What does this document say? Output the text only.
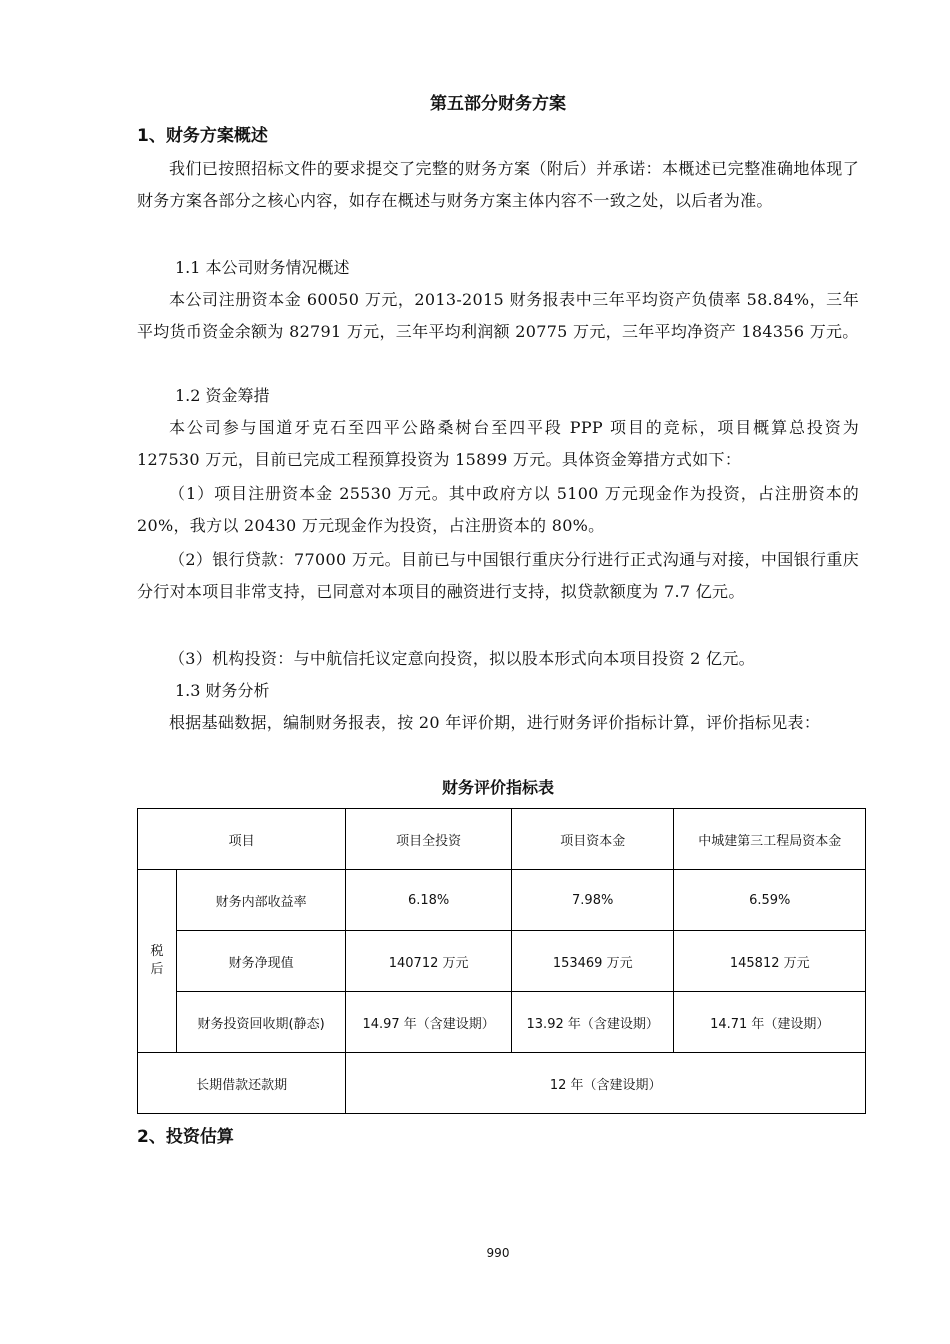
第五部分财务方案
1、财务方案概述

我们已按照招标文件的要求提交了完整的财务方案（附后）并承诺：本概述已完整准确地体现了财务方案各部分之核心内容，如存在概述与财务方案主体内容不一致之处，以后者为准。

1.1 本公司财务情况概述

本公司注册资本金 60050 万元，2013-2015 财务报表中三年平均资产负债率 58.84%，三年平均货币资金余额为 82791 万元，三年平均利润额 20775 万元，三年平均净资产 184356 万元。

1.2 资金筹措

本公司参与国道牙克石至四平公路桑树台至四平段 PPP 项目的竞标，项目概算总投资为 127530 万元，目前已完成工程预算投资为 15899 万元。具体资金筹措方式如下：

（1）项目注册资本金 25530 万元。其中政府方以 5100 万元现金作为投资，占注册资本的 20%，我方以 20430 万元现金作为投资，占注册资本的 80%。

（2）银行贷款：77000 万元。目前已与中国银行重庆分行进行正式沟通与对接，中国银行重庆分行对本项目非常支持，已同意对本项目的融资进行支持，拟贷款额度为 7.7 亿元。

（3）机构投资：与中航信托议定意向投资，拟以股本形式向本项目投资 2 亿元。

1.3 财务分析

根据基础数据，编制财务报表，按 20 年评价期，进行财务评价指标计算，评价指标见表：

财务评价指标表
项目		项目全投资	项目资本金	中城建第三工程局资本金
税后	财务内部收益率	6.18%	7.98%	6.59%
	财务净现值	140712 万元	153469 万元	145812 万元
	财务投资回收期(静态)	14.97 年（含建设期）	13.92 年（含建设期）	14.71 年（建设期）
长期借款还款期		12 年（含建设期）		
2、投资估算
990
